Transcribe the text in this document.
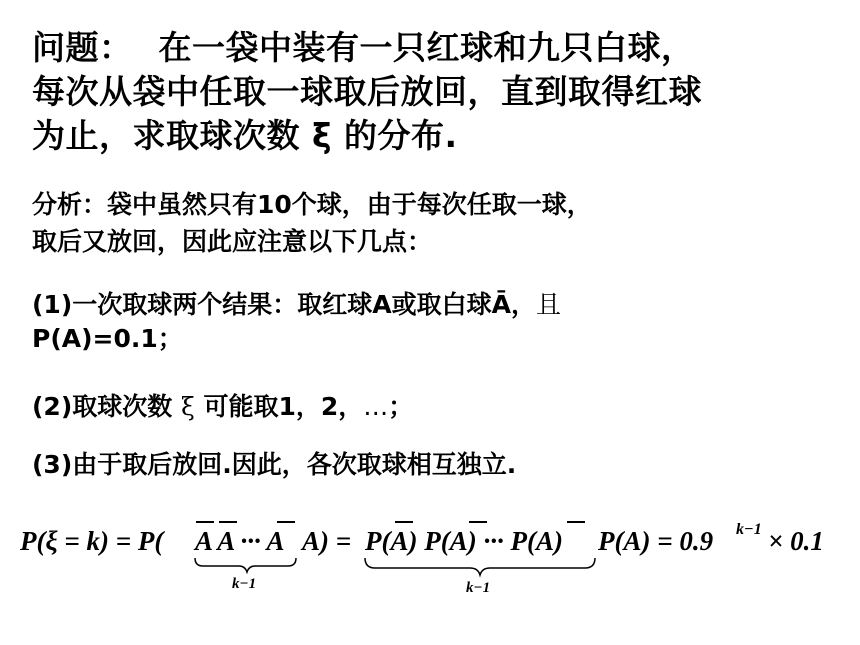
问题： 在一袋中装有一只红球和九只白球，
每次从袋中任取一球取后放回，直到取得红球
为止，求取球次数 ξ 的分布.
分析：袋中虽然只有10个球，由于每次任取一球，
取后又放回，因此应注意以下几点：
(1)一次取球两个结果：取红球A或取白球Ā，且
P(A)=0.1；
(2)取球次数 ξ 可能取1，2，…；
(3)由于取后放回.因此，各次取球相互独立.
P(ξ = k) = P( A A ··· A A) = P(A) P(A) ··· P(A) P(A) = 0.9 k−1 × 0.1
k−1	k−1
